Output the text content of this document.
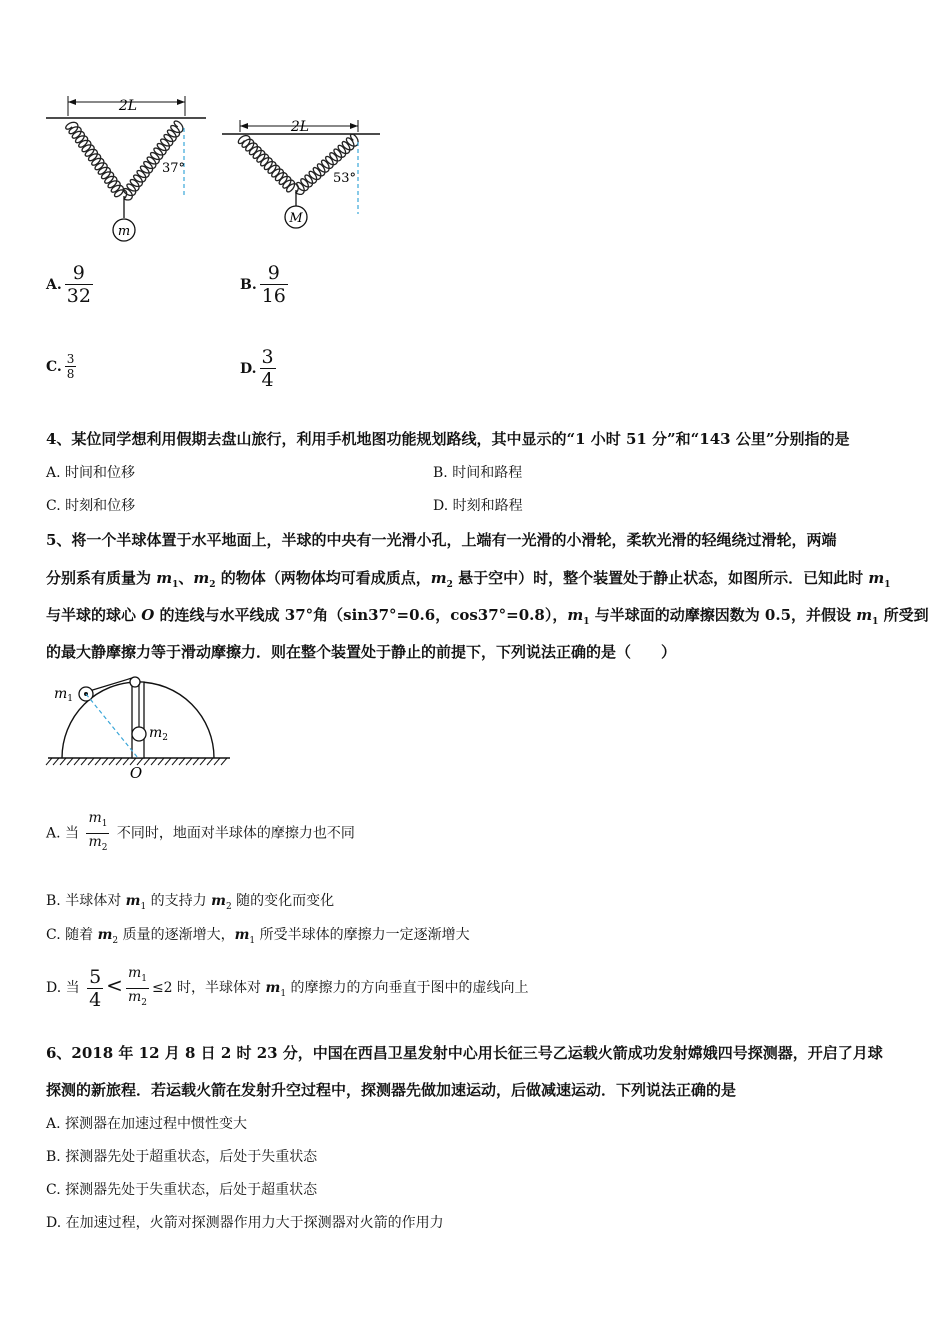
2L
m
37°
2L
M
53°
A. $\frac{9}{32}$	B. $\frac{9}{16}$
C. $\frac{3}{8}$	D. $\frac{3}{4}$
4、某位同学想利用假期去盘山旅行，利用手机地图功能规划路线，其中显示的“1 小时 51 分”和“143 公里”分别指的是
A. 时间和位移	B. 时间和路程
C. 时刻和位移	D. 时刻和路程
5、将一个半球体置于水平地面上，半球的中央有一光滑小孔，上端有一光滑的小滑轮，柔软光滑的轻绳绕过滑轮，两端
分别系有质量为 $m_1$、$m_2$ 的物体（两物体均可看成质点，$m_2$ 悬于空中）时，整个装置处于静止状态，如图所示．已知此时 $m_1$
与半球的球心 O 的连线与水平线成 37°角（sin37°=0.6，cos37°=0.8），$m_1$ 与半球面的动摩擦因数为 0.5，并假设 $m_1$ 所受到
的最大静摩擦力等于滑动摩擦力．则在整个装置处于静止的前提下，下列说法正确的是（　　）
$m_1$
$m_2$
O
A. 当 $\frac{m_1}{m_2}$ 不同时，地面对半球体的摩擦力也不同
B. 半球体对 $m_1$ 的支持力 $m_2$ 随的变化而变化
C. 随着 $m_2$ 质量的逐渐增大，$m_1$ 所受半球体的摩擦力一定逐渐增大
D. 当 $\frac{5}{4} < \frac{m_1}{m_2} \le 2$ 时，半球体对 $m_1$ 的摩擦力的方向垂直于图中的虚线向上
6、2018 年 12 月 8 日 2 时 23 分，中国在西昌卫星发射中心用长征三号乙运载火箭成功发射嫦娥四号探测器，开启了月球
探测的新旅程．若运载火箭在发射升空过程中，探测器先做加速运动，后做减速运动．下列说法正确的是
A. 探测器在加速过程中惯性变大
B. 探测器先处于超重状态，后处于失重状态
C. 探测器先处于失重状态，后处于超重状态
D. 在加速过程，火箭对探测器作用力大于探测器对火箭的作用力
